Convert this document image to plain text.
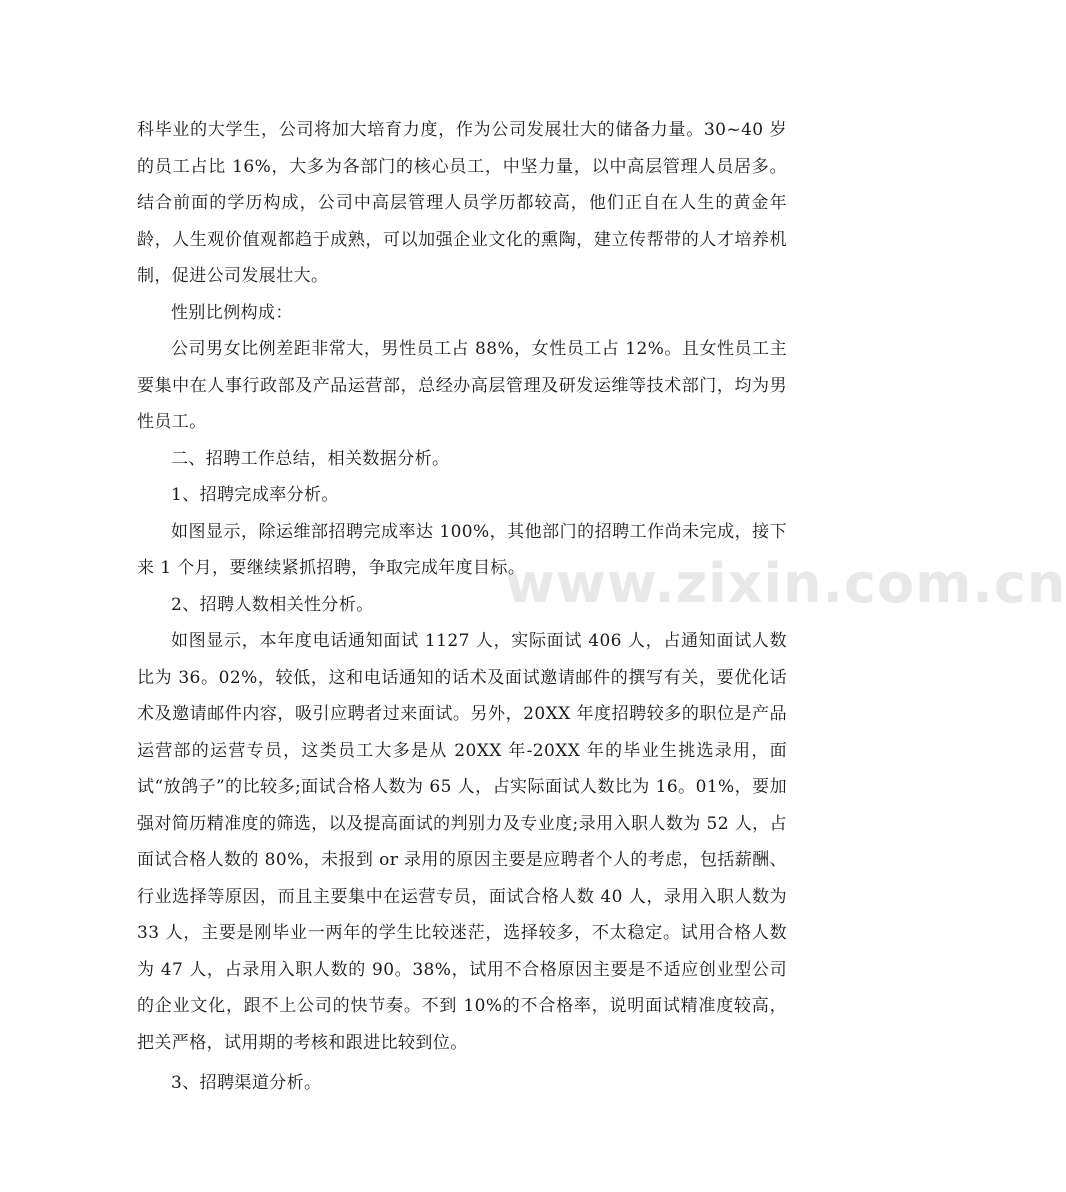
www.zixin.com.cn

科毕业的大学生，公司将加大培育力度，作为公司发展壮大的储备力量。30~40 岁的员工占比 16%，大多为各部门的核心员工，中坚力量，以中高层管理人员居多。结合前面的学历构成，公司中高层管理人员学历都较高，他们正自在人生的黄金年龄，人生观价值观都趋于成熟，可以加强企业文化的熏陶，建立传帮带的人才培养机制，促进公司发展壮大。

性别比例构成：

公司男女比例差距非常大，男性员工占 88%，女性员工占 12%。且女性员工主要集中在人事行政部及产品运营部，总经办高层管理及研发运维等技术部门，均为男性员工。

二、招聘工作总结，相关数据分析。

1、招聘完成率分析。

如图显示，除运维部招聘完成率达 100%，其他部门的招聘工作尚未完成，接下来 1 个月，要继续紧抓招聘，争取完成年度目标。

2、招聘人数相关性分析。

如图显示，本年度电话通知面试 1127 人，实际面试 406 人，占通知面试人数比为 36。02%，较低，这和电话通知的话术及面试邀请邮件的撰写有关，要优化话术及邀请邮件内容，吸引应聘者过来面试。另外，20XX 年度招聘较多的职位是产品运营部的运营专员，这类员工大多是从 20XX 年-20XX 年的毕业生挑选录用，面试“放鸽子”的比较多;面试合格人数为 65 人，占实际面试人数比为 16。01%，要加强对简历精准度的筛选，以及提高面试的判别力及专业度;录用入职人数为 52 人，占面试合格人数的 80%，未报到 or 录用的原因主要是应聘者个人的考虑，包括薪酬、行业选择等原因，而且主要集中在运营专员，面试合格人数 40 人，录用入职人数为 33 人，主要是刚毕业一两年的学生比较迷茫，选择较多，不太稳定。试用合格人数为 47 人，占录用入职人数的 90。38%，试用不合格原因主要是不适应创业型公司的企业文化，跟不上公司的快节奏。不到 10%的不合格率，说明面试精准度较高，把关严格，试用期的考核和跟进比较到位。

3、招聘渠道分析。
